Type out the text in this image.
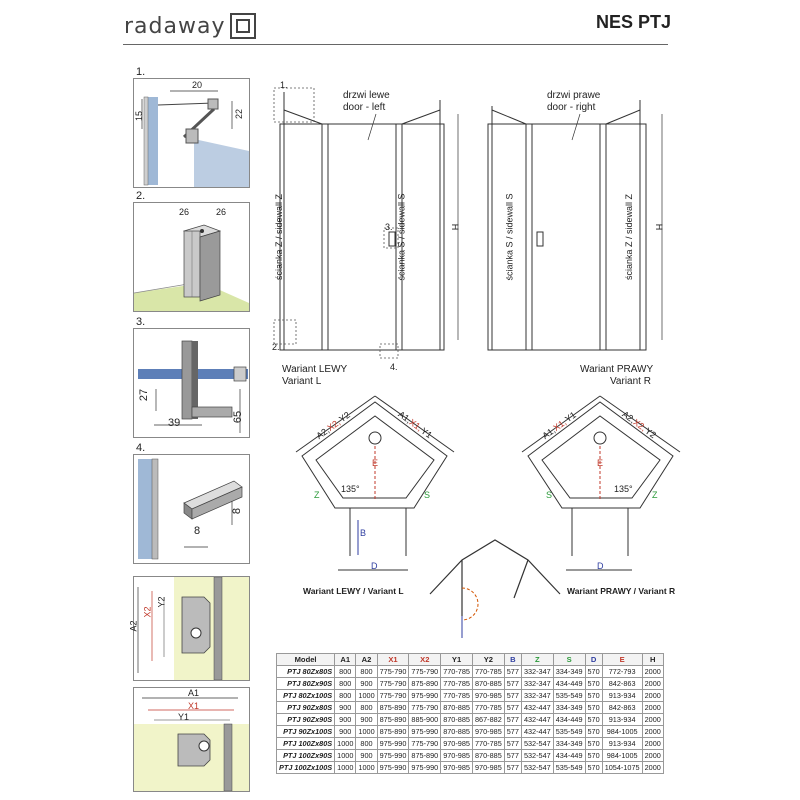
radaway	NES PTJ
1.
20
15	22
2.
26	26
3.
27
39	65
4.
8
8
A2
X2
Y2
A1
X1
Y1
1.
2.
3.
4.
drzwi lewe
door - left
ścianka Z / sidewall Z	ścianka S / sidewall S	H
Wariant LEWY
Variant L
drzwi prawe
door - right
ścianka S / sidewall S	ścianka Z / sidewall Z H
Wariant PRAWY
Variant R
A2,
X2,
Y2	A1,
X1,
Y1
E
Z	S
135°
B
D
Wariant LEWY / Variant L
A1,
X1,
Y1	A2,
X2,
Y2
E
S	Z
135°
D
Wariant PRAWY / Variant R
Model	A1	A2	X1	X2	Y1	Y2	B	Z	S	D	E	H
PTJ 80Zx80S	800	800	775-790	775-790	770-785	770-785	577	332-347	334-349	570	772-793	2000
PTJ 80Zx90S	800	900	775-790	875-890	770-785	870-885	577	332-347	434-449	570	842-863	2000
PTJ 80Zx100S	800	1000	775-790	975-990	770-785	970-985	577	332-347	535-549	570	913-934	2000
PTJ 90Zx80S	900	800	875-890	775-790	870-885	770-785	577	432-447	334-349	570	842-863	2000
PTJ 90Zx90S	900	900	875-890	885-900	870-885	867-882	577	432-447	434-449	570	913-934	2000
PTJ 90Zx100S	900	1000	875-890	975-990	870-885	970-985	577	432-447	535-549	570	984-1005	2000
PTJ 100Zx80S	1000	800	975-990	775-790	970-985	770-785	577	532-547	334-349	570	913-934	2000
PTJ 100Zx90S	1000	900	975-990	875-890	970-985	870-885	577	532-547	434-449	570	984-1005	2000
PTJ 100Zx100S	1000	1000	975-990	975-990	970-985	970-985	577	532-547	535-549	570	1054-1075	2000
